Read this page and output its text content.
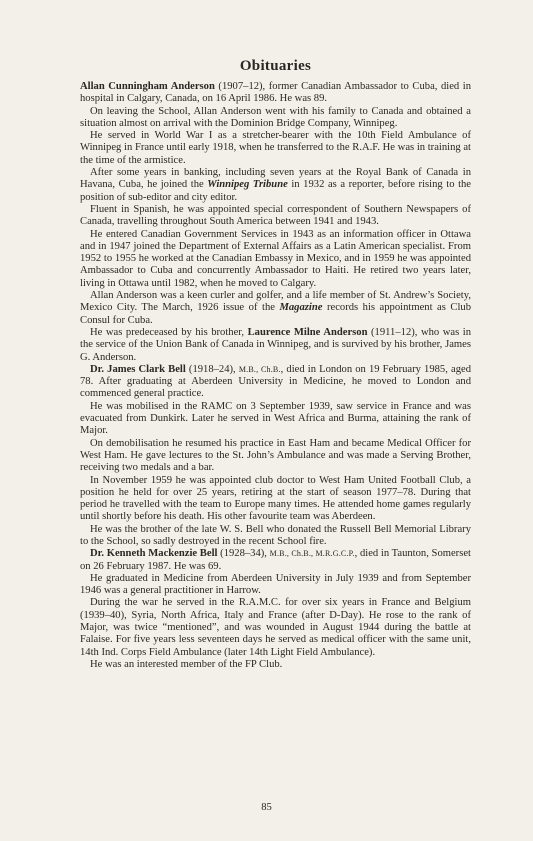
Obituaries

Allan Cunningham Anderson (1907–12), former Canadian Ambassador to Cuba, died in hospital in Calgary, Canada, on 16 April 1986. He was 89.

On leaving the School, Allan Anderson went with his family to Canada and obtained a situation almost on arrival with the Dominion Bridge Company, Winnipeg.

He served in World War I as a stretcher-bearer with the 10th Field Ambulance of Winnipeg in France until early 1918, when he transferred to the R.A.F. He was in training at the time of the armistice.

After some years in banking, including seven years at the Royal Bank of Canada in Havana, Cuba, he joined the Winnipeg Tribune in 1932 as a reporter, before rising to the position of sub-editor and city editor.

Fluent in Spanish, he was appointed special correspondent of Southern Newspapers of Canada, travelling throughout South America between 1941 and 1943.

He entered Canadian Government Services in 1943 as an information officer in Ottawa and in 1947 joined the Department of External Affairs as a Latin American specialist. From 1952 to 1955 he worked at the Canadian Embassy in Mexico, and in 1959 he was appointed Ambassador to Cuba and concurrently Ambassador to Haiti. He retired two years later, living in Ottawa until 1982, when he moved to Calgary.

Allan Anderson was a keen curler and golfer, and a life member of St. Andrew’s Society, Mexico City. The March, 1926 issue of the Magazine records his appointment as Club Consul for Cuba.

He was predeceased by his brother, Laurence Milne Anderson (1911–12), who was in the service of the Union Bank of Canada in Winnipeg, and is survived by his brother, James G. Anderson.

Dr. James Clark Bell (1918–24), M.B., Ch.B., died in London on 19 February 1985, aged 78. After graduating at Aberdeen University in Medicine, he moved to London and commenced general practice.

He was mobilised in the RAMC on 3 September 1939, saw service in France and was evacuated from Dunkirk. Later he served in West Africa and Burma, attaining the rank of Major.

On demobilisation he resumed his practice in East Ham and became Medical Officer for West Ham. He gave lectures to the St. John’s Ambulance and was made a Serving Brother, receiving two medals and a bar.

In November 1959 he was appointed club doctor to West Ham United Football Club, a position he held for over 25 years, retiring at the start of season 1977–78. During that period he travelled with the team to Europe many times. He attended home games regularly until shortly before his death. His other favourite team was Aberdeen.

He was the brother of the late W. S. Bell who donated the Russell Bell Memorial Library to the School, so sadly destroyed in the recent School fire.

Dr. Kenneth Mackenzie Bell (1928–34), M.B., Ch.B., M.R.G.C.P., died in Taunton, Somerset on 26 February 1987. He was 69.

He graduated in Medicine from Aberdeen University in July 1939 and from September 1946 was a general practitioner in Harrow.

During the war he served in the R.A.M.C. for over six years in France and Belgium (1939–40), Syria, North Africa, Italy and France (after D-Day). He rose to the rank of Major, was twice “mentioned”, and was wounded in August 1944 during the battle at Falaise. For five years less seventeen days he served as medical officer with the same unit, 14th Ind. Corps Field Ambulance (later 14th Light Field Ambulance).

He was an interested member of the FP Club.

85
